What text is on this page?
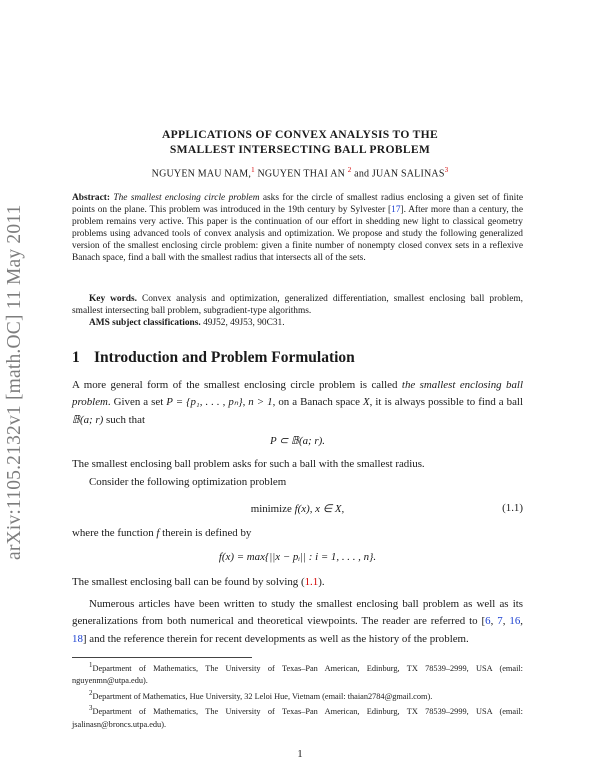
arXiv:1105.2132v1 [math.OC] 11 May 2011
APPLICATIONS OF CONVEX ANALYSIS TO THE
SMALLEST INTERSECTING BALL PROBLEM
NGUYEN MAU NAM,$^1$ NGUYEN THAI AN $^2$ and JUAN SALINAS$^3$
Abstract: The smallest enclosing circle problem asks for the circle of smallest radius enclosing a given set of finite points on the plane. This problem was introduced in the 19th century by Sylvester [17]. After more than a century, the problem remains very active. This paper is the continuation of our effort in shedding new light to classical geometry problems using advanced tools of convex analysis and optimization. We propose and study the following generalized version of the smallest enclosing circle problem: given a finite number of nonempty closed convex sets in a reflexive Banach space, find a ball with the smallest radius that intersects all of the sets.

Key words. Convex analysis and optimization, generalized differentiation, smallest enclosing ball problem, smallest intersecting ball problem, subgradient-type algorithms.

AMS subject classifications. 49J52, 49J53, 90C31.

1 Introduction and Problem Formulation

A more general form of the smallest enclosing circle problem is called the smallest enclosing ball problem. Given a set P = {p₁, . . . , pₙ}, n > 1, on a Banach space X, it is always possible to find a ball 𝔹(a; r) such that

P ⊂ 𝔹(a; r).

The smallest enclosing ball problem asks for such a ball with the smallest radius.

Consider the following optimization problem

minimize f(x), x ∈ X,	(1.1)

where the function f therein is defined by

f(x) = max{||x − pᵢ|| : i = 1, . . . , n}.

The smallest enclosing ball can be found by solving (1.1).

Numerous articles have been written to study the smallest enclosing ball problem as well as its generalizations from both numerical and theoretical viewpoints. The reader are referred to [6, 7, 16, 18] and the reference therein for recent developments as well as the history of the problem.

$^1$Department of Mathematics, The University of Texas–Pan American, Edinburg, TX 78539–2999, USA (email: nguyenmn@utpa.edu).

$^2$Department of Mathematics, Hue University, 32 Leloi Hue, Vietnam (email: thaian2784@gmail.com).

$^3$Department of Mathematics, The University of Texas–Pan American, Edinburg, TX 78539–2999, USA (email: jsalinasn@broncs.utpa.edu).

1
